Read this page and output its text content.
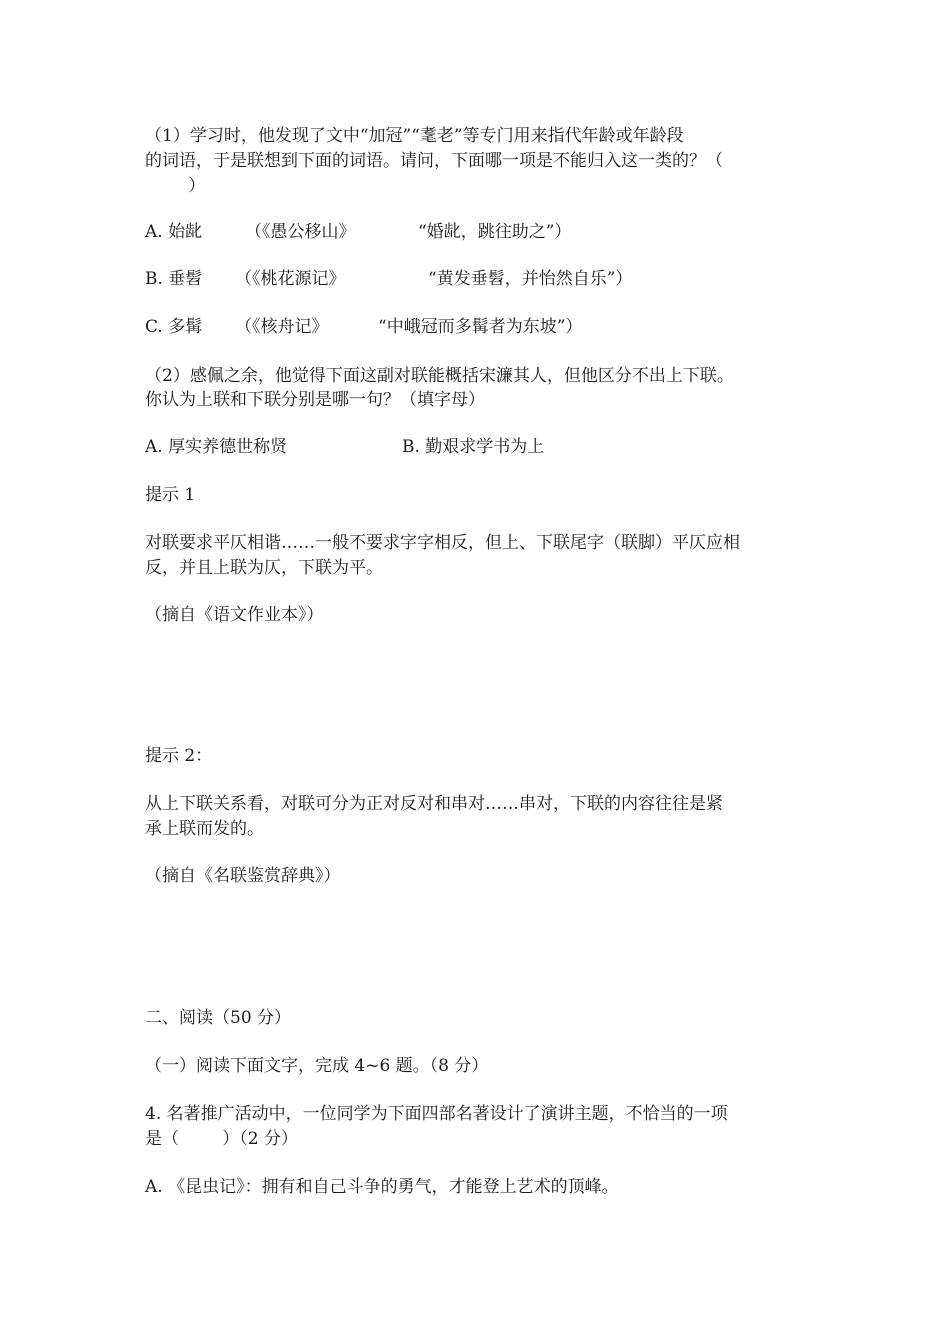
（1）学习时，他发现了文中“加冠”“耄老”等专门用来指代年龄或年龄段
的词语，于是联想到下面的词语。请问，下面哪一项是不能归入这一类的？（
）
A. 始龀	（《愚公移山》	“婚龀，跳往助之”）
B. 垂髫 （《桃花源记》	“黄发垂髫，并怡然自乐”）
C. 多髯 （《核舟记》	“中峨冠而多髯者为东坡”）
（2）感佩之余，他觉得下面这副对联能概括宋濂其人，但他区分不出上下联。
你认为上联和下联分别是哪一句？（填字母）
A. 厚实养德世称贤	B. 勤艰求学书为上
提示 1
对联要求平仄相谐……一般不要求字字相反，但上、下联尾字（联脚）平仄应相
反，并且上联为仄，下联为平。
（摘自《语文作业本》）
提示 2：
从上下联关系看，对联可分为正对反对和串对……串对，下联的内容往往是紧
承上联而发的。
（摘自《名联鉴赏辞典》）
二、阅读（50 分）
（一）阅读下面文字，完成 4~6 题。（8 分）
4. 名著推广活动中，一位同学为下面四部名著设计了演讲主题，不恰当的一项
是（        ）（2 分）
A. 《昆虫记》：拥有和自己斗争的勇气，才能登上艺术的顶峰。
